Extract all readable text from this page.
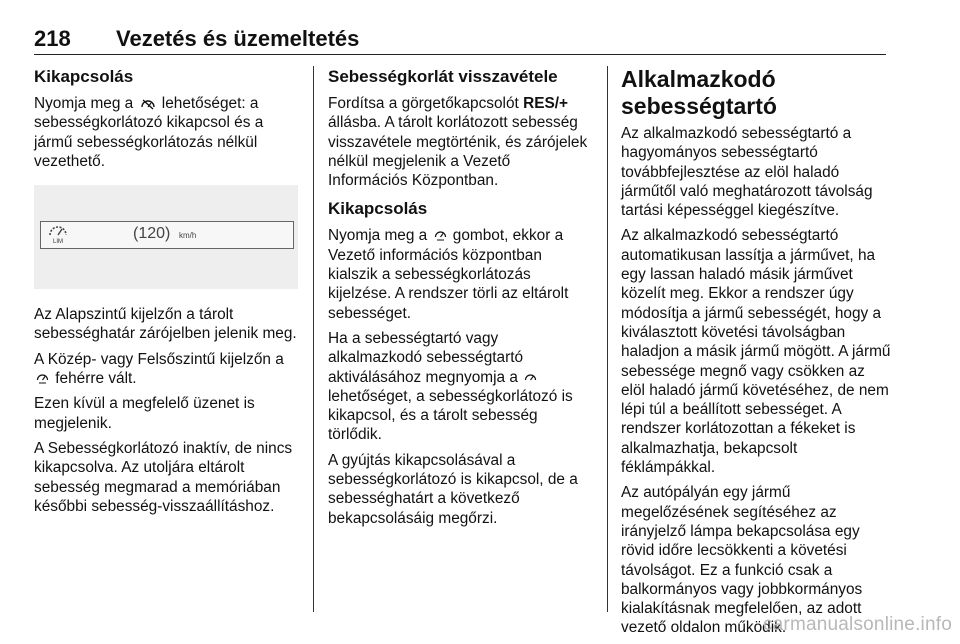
218 Vezetés és üzemeltetés
Kikapcsolás

Nyomja meg a lehetőséget: a sebességkorlátozó kikapcsol és a jármű sebességkorlátozás nélkül vezethető.

LIM	(120) km/h

Az Alapszintű kijelzőn a tárolt sebességhatár zárójelben jelenik meg.

A Közép- vagy Felsőszintű kijelzőn a
fehérre vált.

Ezen kívül a megfelelő üzenet is megjelenik.

A Sebességkorlátozó inaktív, de nincs kikapcsolva. Az utoljára eltárolt sebesség megmarad a memóriában későbbi sebesség-visszaállításhoz.

Sebességkorlát visszavétele

Fordítsa a görgetőkapcsolót RES/+ állásba. A tárolt korlátozott sebesség visszavétele megtörténik, és zárójelek nélkül megjelenik a Vezető Információs Központban.

Kikapcsolás

Nyomja meg a gombot, ekkor a Vezető információs központban kialszik a sebességkorlátozás kijelzése. A rendszer törli az eltárolt sebességet.

Ha a sebességtartó vagy alkalmazkodó sebességtartó aktiválásához megnyomja a  lehetőséget, a sebességkorlátozó is kikapcsol, és a tárolt sebesség törlődik.

A gyújtás kikapcsolásával a sebességkorlátozó is kikapcsol, de a sebességhatárt a következő bekapcsolásáig megőrzi.

Alkalmazkodó sebességtartó

Az alkalmazkodó sebességtartó a hagyományos sebességtartó továbbfejlesztése az elöl haladó járműtől való meghatározott távolság tartási képességgel kiegészítve.

Az alkalmazkodó sebességtartó automatikusan lassítja a járművet, ha egy lassan haladó másik járművet közelít meg. Ekkor a rendszer úgy módosítja a jármű sebességét, hogy a kiválasztott követési távolságban haladjon a másik jármű mögött. A jármű sebessége megnő vagy csökken az elöl haladó jármű követéséhez, de nem lépi túl a beállított sebességet. A rendszer korlátozottan a fékeket is alkalmazhatja, bekapcsolt féklámpákkal.

Az autópályán egy jármű megelőzésének segítéséhez az irányjelző lámpa bekapcsolása egy rövid időre lecsökkenti a követési távolságot. Ez a funkció csak a balkormányos vagy jobbkormányos kialakításnak megfelelően, az adott vezető oldalon működik.

carmanualsonline.info
